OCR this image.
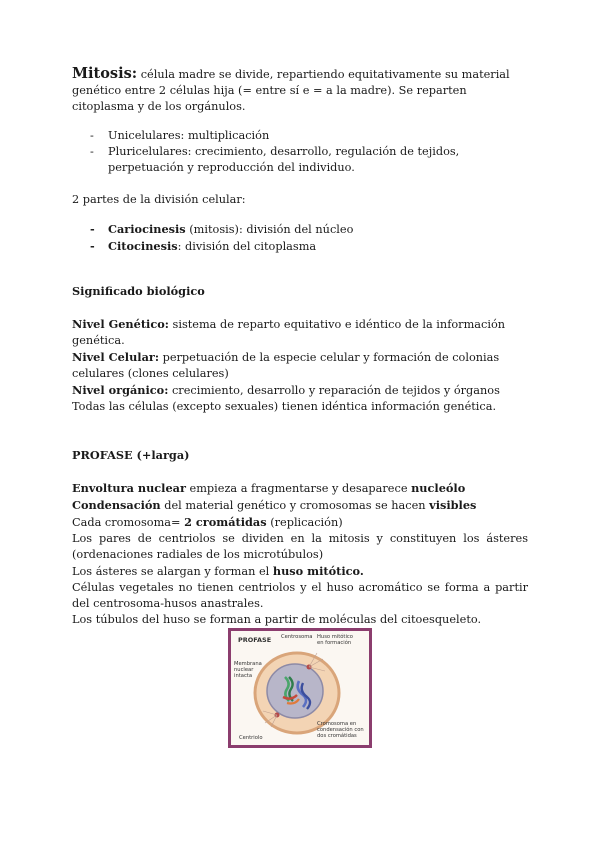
Mitosis: célula madre se divide, repartiendo equitativamente su material genético entre 2 células hija (= entre sí e = a la madre). Se reparten citoplasma y de los orgánulos.

- Unicelulares: multiplicación
- Pluricelulares: crecimiento, desarrollo, regulación de tejidos, perpetuación y reproducción del individuo.

2 partes de la división celular:

- Cariocinesis (mitosis): división del núcleo
- Citocinesis: división del citoplasma

Significado biológico

Nivel Genético: sistema de reparto equitativo e idéntico de la información genética.

Nivel Celular: perpetuación de la especie celular y formación de colonias celulares (clones celulares)

Nivel orgánico: crecimiento, desarrollo y reparación de tejidos y órganos

Todas las células (excepto sexuales) tienen idéntica información genética.

PROFASE (+larga)

Envoltura nuclear empieza a fragmentarse y desaparece nucleólo

Condensación del material genético y cromosomas se hacen visibles

Cada cromosoma= 2 cromátidas (replicación)

Los pares de centriolos se dividen en la mitosis y constituyen los ásteres (ordenaciones radiales de los microtúbulos)

Los ásteres se alargan y forman el huso mitótico.

Células vegetales no tienen centriolos y el huso acromático se forma a partir del centrosoma-husos anastrales.

Los túbulos del huso se forman a partir de moléculas del citoesqueleto.

PROFASE Centrosoma Huso mitótico en formación
Membrana nuclear intacta
Centriolo
Cromosoma en condensación con dos cromátidas
